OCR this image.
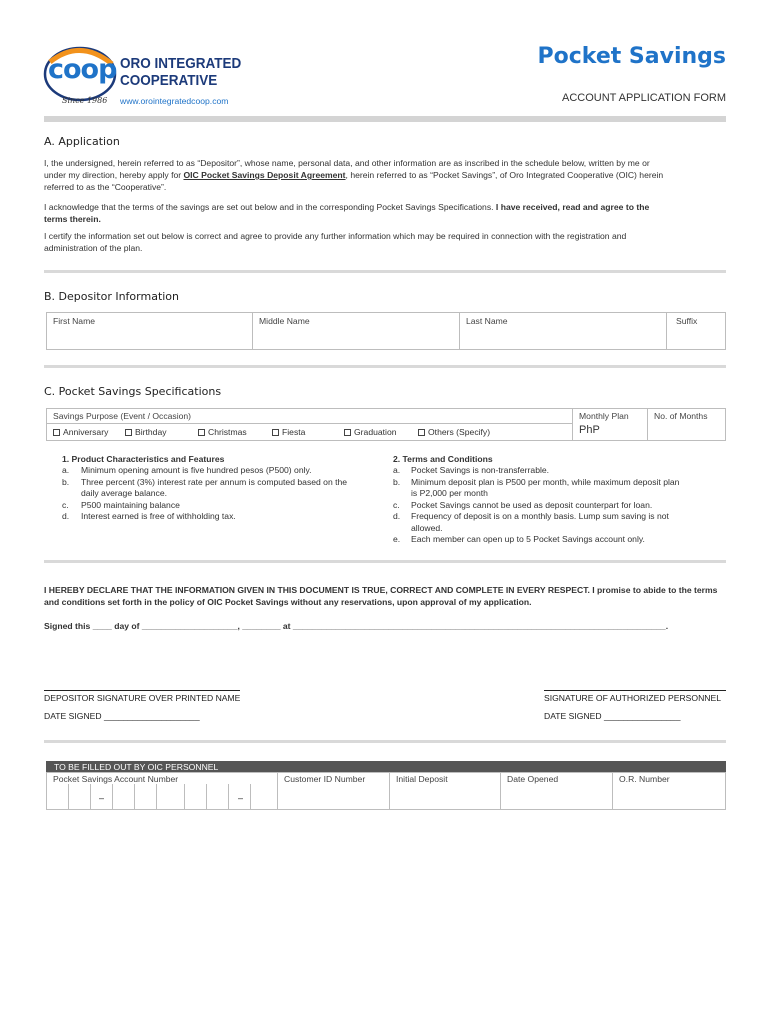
coop
Since 1986
ORO INTEGRATED
COOPERATIVE
www.orointegratedcoop.com
Pocket Savings
ACCOUNT APPLICATION FORM
A. Application
I, the undersigned, herein referred to as “Depositor”, whose name, personal data, and other information are as inscribed in the schedule below, written by me or
under my direction, hereby apply for OIC Pocket Savings Deposit Agreement, herein referred to as “Pocket Savings”, of Oro Integrated Cooperative (OIC) herein
referred to as the “Cooperative”.
I acknowledge that the terms of the savings are set out below and in the corresponding Pocket Savings Specifications. I have received, read and agree to the
terms therein.
I certify the information set out below is correct and agree to provide any further information which may be required in connection with the registration and
administration of the plan.
B. Depositor Information
First Name	Middle Name	Last Name	Suffix
C. Pocket Savings Specifications
Savings Purpose (Event / Occasion)
Anniversary	Birthday	Christmas	Fiesta	Graduation	Others (Specify)
Monthly Plan
PhP
No. of Months
1. Product Characteristics and Features
a. Minimum opening amount is five hundred pesos (P500) only.
b. Three percent (3%) interest rate per annum is computed based on the
daily average balance.
c. P500 maintaining balance
d. Interest earned is free of withholding tax.
2. Terms and Conditions
a. Pocket Savings is non-transferrable.
b. Minimum deposit plan is P500 per month, while maximum deposit plan
is P2,000 per month
c. Pocket Savings cannot be used as deposit counterpart for loan.
d. Frequency of deposit is on a monthly basis. Lump sum saving is not
allowed.
e. Each member can open up to 5 Pocket Savings account only.
I HEREBY DECLARE THAT THE INFORMATION GIVEN IN THIS DOCUMENT IS TRUE, CORRECT AND COMPLETE IN EVERY RESPECT. I promise to abide to the terms
and conditions set forth in the policy of OIC Pocket Savings without any reservations, upon approval of my application.
Signed this ____ day of ____________________, ________ at ______________________________________________________________________________.
DEPOSITOR SIGNATURE OVER PRINTED NAME
DATE SIGNED ____________________
SIGNATURE OF AUTHORIZED PERSONNEL
DATE SIGNED ________________
TO BE FILLED OUT BY OIC PERSONNEL
Pocket Savings Account Number
–	–
Customer ID Number	Initial Deposit	Date Opened	O.R. Number
